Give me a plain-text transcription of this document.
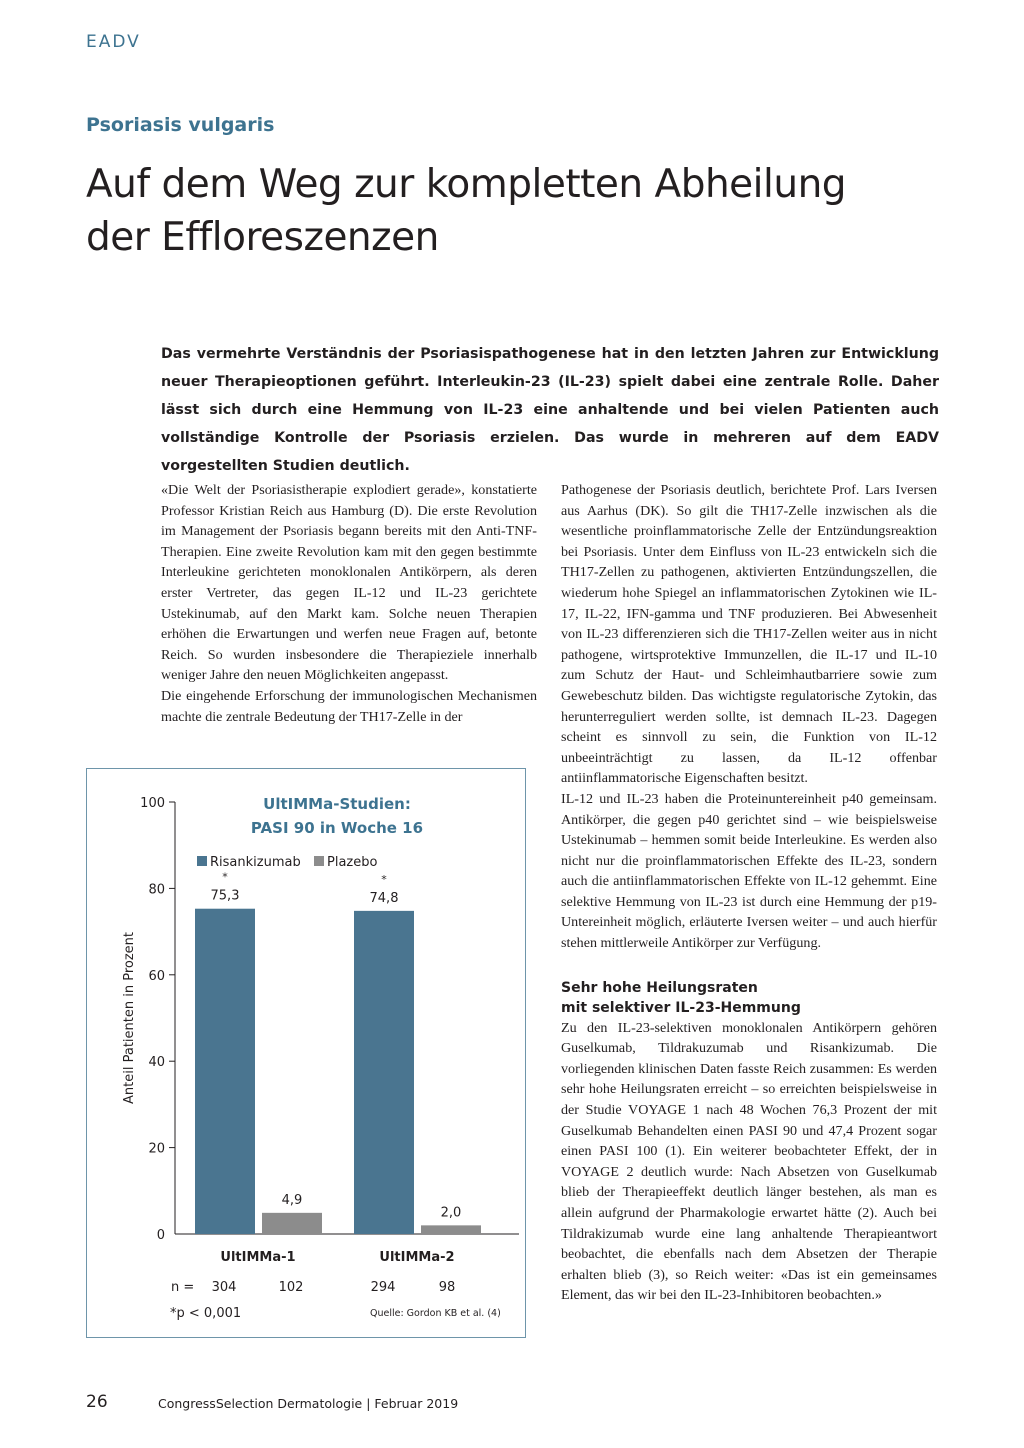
EADV
Psoriasis vulgaris
Auf dem Weg zur kompletten Abheilung
der Effloreszenzen

Das vermehrte Verständnis der Psoriasispathogenese hat in den letzten Jahren zur Entwicklung neuer Therapieoptionen geführt. Interleukin-23 (IL-23) spielt dabei eine zentrale Rolle. Daher lässt sich durch eine Hemmung von IL-23 eine anhaltende und bei vielen Patienten auch vollständige Kontrolle der Psoriasis erzielen. Das wurde in mehreren auf dem EADV vorgestellten Studien deutlich.

«Die Welt der Psoriasistherapie explodiert gerade», konstatierte Professor Kristian Reich aus Hamburg (D). Die erste Revolution im Management der Psoriasis begann bereits mit den Anti-TNF-Therapien. Eine zweite Revolution kam mit den gegen bestimmte Interleukine gerichteten monoklonalen Antikörpern, als deren erster Vertreter, das gegen IL-12 und IL-23 gerichtete Ustekinumab, auf den Markt kam. Solche neuen Therapien erhöhen die Erwartungen und werfen neue Fragen auf, betonte Reich. So wurden insbesondere die Therapieziele innerhalb weniger Jahre den neuen Möglichkeiten angepasst.

Die eingehende Erforschung der immunologischen Mechanismen machte die zentrale Bedeutung der TH17-Zelle in der

Pathogenese der Psoriasis deutlich, berichtete Prof. Lars Iversen aus Aarhus (DK). So gilt die TH17-Zelle inzwischen als die wesentliche proinflammatorische Zelle der Entzündungsreaktion bei Psoriasis. Unter dem Einfluss von IL-23 entwickeln sich die TH17-Zellen zu pathogenen, aktivierten Entzündungszellen, die wiederum hohe Spiegel an inflammatorischen Zytokinen wie IL-17, IL-22, IFN-gamma und TNF produzieren. Bei Abwesenheit von IL-23 differenzieren sich die TH17-Zellen weiter aus in nicht pathogene, wirtsprotektive Immunzellen, die IL-17 und IL-10 zum Schutz der Haut- und Schleimhautbarriere sowie zum Gewebeschutz bilden. Das wichtigste regulatorische Zytokin, das herunterreguliert werden sollte, ist demnach IL-23. Dagegen scheint es sinnvoll zu sein, die Funktion von IL-12 unbeeinträchtigt zu lassen, da IL-12 offenbar antiinflammatorische Eigenschaften besitzt.

IL-12 und IL-23 haben die Proteinuntereinheit p40 gemeinsam. Antikörper, die gegen p40 gerichtet sind – wie beispielsweise Ustekinumab – hemmen somit beide Interleukine. Es werden also nicht nur die proinflammatorischen Effekte des IL-23, sondern auch die antiinflammatorischen Effekte von IL-12 gehemmt. Eine selektive Hemmung von IL-23 ist durch eine Hemmung der p19-Untereinheit möglich, erläuterte Iversen weiter – und auch hierfür stehen mittlerweile Antikörper zur Verfügung.

Sehr hohe Heilungsraten
mit selektiver IL-23-Hemmung

Zu den IL-23-selektiven monoklonalen Antikörpern gehören Guselkumab, Tildrakuzumab und Risankizumab. Die vorliegenden klinischen Daten fasste Reich zusammen: Es werden sehr hohe Heilungsraten erreicht – so erreichten beispielsweise in der Studie VOYAGE 1 nach 48 Wochen 76,3 Prozent der mit Guselkumab Behandelten einen PASI 90 und 47,4 Prozent sogar einen PASI 100 (1). Ein weiterer beobachteter Effekt, der in VOYAGE 2 deutlich wurde: Nach Absetzen von Guselkumab blieb der Therapieeffekt deutlich länger bestehen, als man es allein aufgrund der Pharmakologie erwartet hätte (2). Auch bei Tildrakizumab wurde eine lang anhaltende Therapieantwort beobachtet, die ebenfalls nach dem Absetzen der Therapie erhalten blieb (3), so Reich weiter: «Das ist ein gemeinsames Element, das wir bei den IL-23-Inhibitoren beobachten.»

0
20
40
60
80
100
Anteil Patienten in Prozent
UltIMMa-Studien:
PASI 90 in Woche 16
Risankizumab Plazebo
*
75,3
4,9
UltIMMa-1
*
74,8
2,0
UltIMMa-2
n = 304	102	294	98
*p < 0,001	Quelle: Gordon KB et al. (4)
26	CongressSelection Dermatologie | Februar 2019
